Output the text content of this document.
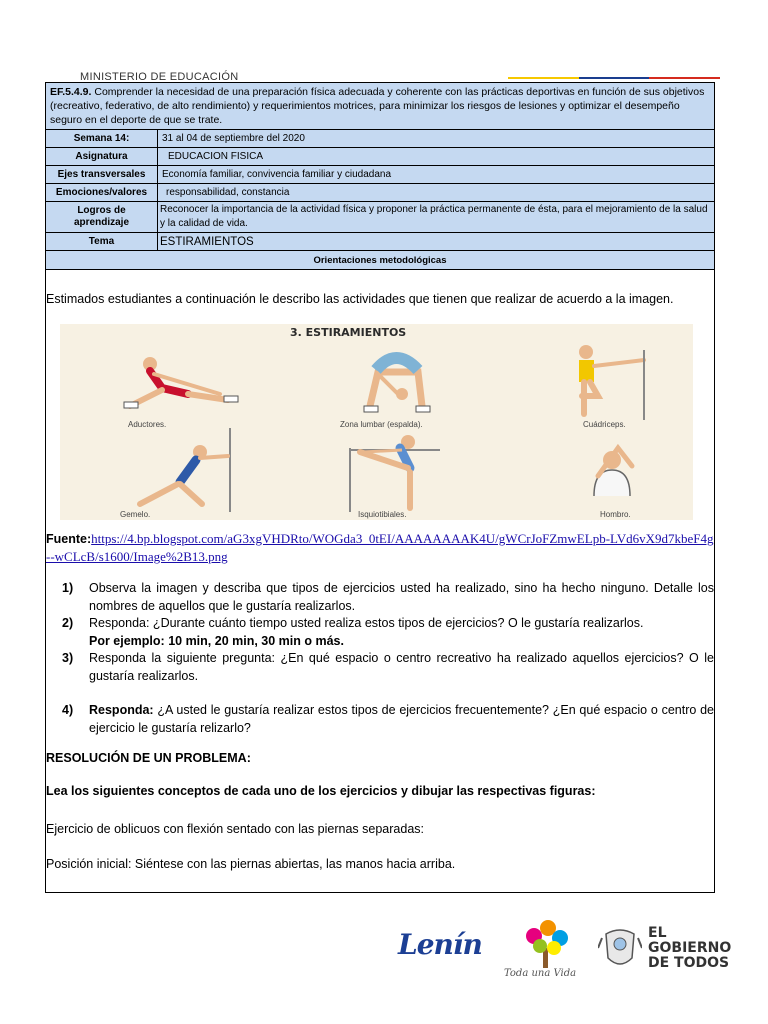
MINISTERIO DE EDUCACIÓN
EF.5.4.9. Comprender la necesidad de una preparación física adecuada y coherente con las prácticas deportivas en función de sus objetivos (recreativo, federativo, de alto rendimiento) y requerimientos motrices, para minimizar los riesgos de lesiones y optimizar el desempeño seguro en el deporte de que se trate.	
Semana 14:	31 al 04 de septiembre del 2020
Asignatura	EDUCACION FISICA
Ejes transversales	Economía familiar, convivencia familiar y ciudadana
Emociones/valores	responsabilidad, constancia
Logros de aprendizaje	Reconocer la importancia de la actividad física y proponer la práctica permanente de ésta, para el mejoramiento de la salud y la calidad de vida.
Tema	ESTIRAMIENTOS
Orientaciones metodológicas	
Estimados estudiantes a continuación le describo las actividades que tienen que realizar de acuerdo a la imagen.
3. ESTIRAMIENTOS
Aductores.	Zona lumbar (espalda).	Cuádriceps.
Gemelo.	Isquiotibiales.	Hombro.
Fuente:https://4.bp.blogspot.com/aG3xgVHDRto/WOGda3_0tEI/AAAAAAAAK4U/gWCrJoFZmwELpb-LVd6vX9d7kbeF4g--wCLcB/s1600/Image%2B13.png
1)	Observa la imagen y describa que tipos de ejercicios usted ha realizado, sino ha hecho ninguno. Detalle los nombres de aquellos que le gustaría realizarlos.
2)	Responda: ¿Durante cuánto tiempo usted realiza estos tipos de ejercicios? O le gustaría realizarlos.
Por ejemplo: 10 min, 20 min, 30 min o más.
3)	Responda la siguiente pregunta: ¿En qué espacio o centro recreativo ha realizado aquellos ejercicios? O le gustaría realizarlos.
4)	Responda: ¿A usted le gustaría realizar estos tipos de ejercicios frecuentemente? ¿En qué espacio o centro de ejercicio le gustaría relizarlo?
RESOLUCIÓN DE UN PROBLEMA:
Lea los siguientes conceptos de cada uno de los ejercicios y dibujar las respectivas figuras:
Ejercicio de oblicuos con flexión sentado con las piernas separadas:
Posición inicial: Siéntese con las piernas abiertas, las manos hacia arriba.
Lenín
Toda una Vida
EL
GOBIERNO
DE TODOS
